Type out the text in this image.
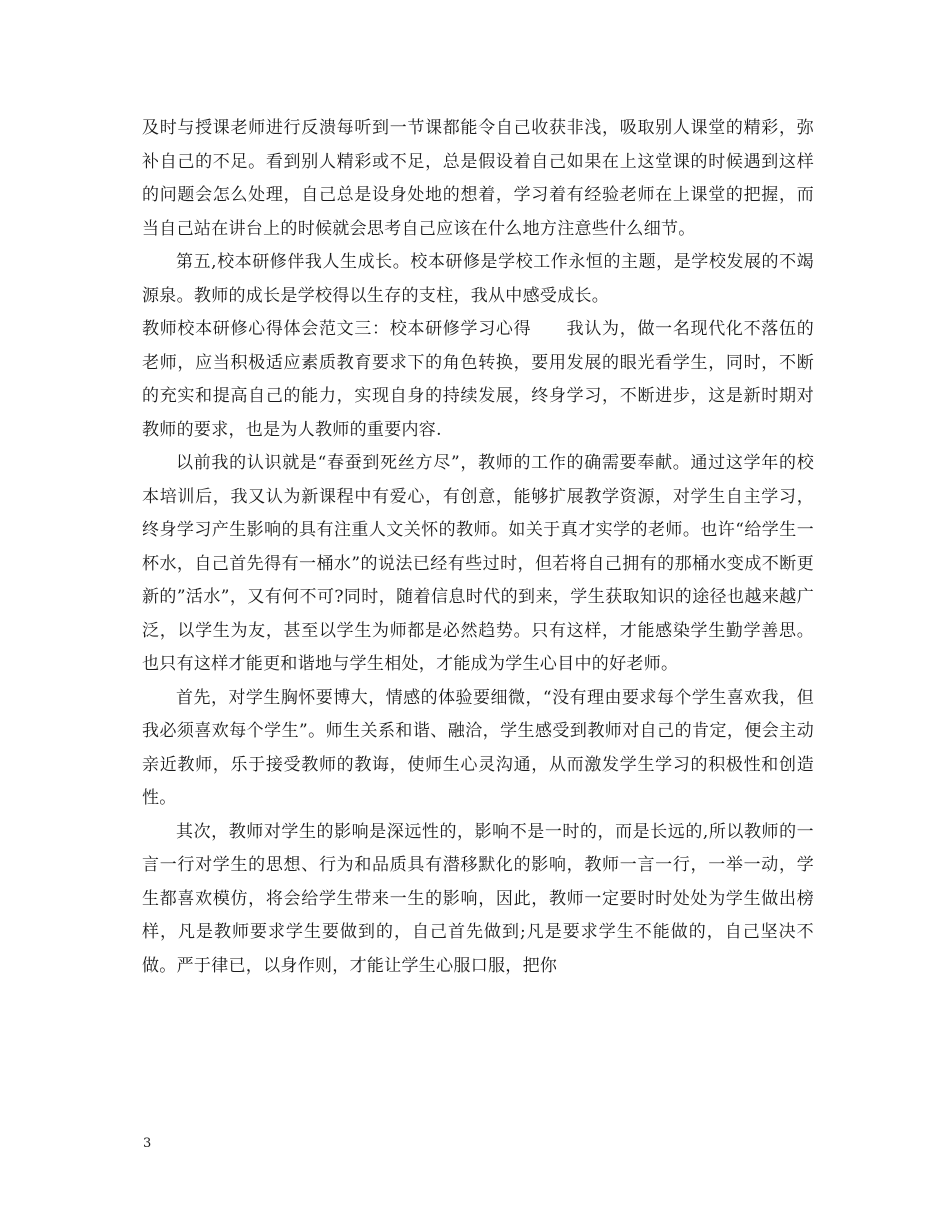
及时与授课老师进行反溃每听到一节课都能令自己收获非浅，吸取别人课堂的精彩，弥补自己的不足。看到别人精彩或不足，总是假设着自己如果在上这堂课的时候遇到这样的问题会怎么处理，自己总是设身处地的想着，学习着有经验老师在上课堂的把握，而当自己站在讲台上的时候就会思考自己应该在什么地方注意些什么细节。

第五,校本研修伴我人生成长。校本研修是学校工作永恒的主题，是学校发展的不竭源泉。教师的成长是学校得以生存的支柱，我从中感受成长。

教师校本研修心得体会范文三：校本研修学习心得　　我认为，做一名现代化不落伍的老师，应当积极适应素质教育要求下的角色转换，要用发展的眼光看学生，同时，不断的充实和提高自己的能力，实现自身的持续发展，终身学习，不断进步，这是新时期对教师的要求，也是为人教师的重要内容.

以前我的认识就是“春蚕到死丝方尽”，教师的工作的确需要奉献。通过这学年的校本培训后，我又认为新课程中有爱心，有创意，能够扩展教学资源，对学生自主学习，终身学习产生影响的具有注重人文关怀的教师。如关于真才实学的老师。也许“给学生一杯水，自己首先得有一桶水”的说法已经有些过时，但若将自己拥有的那桶水变成不断更新的”活水”，又有何不可?同时，随着信息时代的到来，学生获取知识的途径也越来越广泛，以学生为友，甚至以学生为师都是必然趋势。只有这样，才能感染学生勤学善思。也只有这样才能更和谐地与学生相处，才能成为学生心目中的好老师。

首先，对学生胸怀要博大，情感的体验要细微，“没有理由要求每个学生喜欢我，但我必须喜欢每个学生”。师生关系和谐、融洽，学生感受到教师对自己的肯定，便会主动亲近教师，乐于接受教师的教诲，使师生心灵沟通，从而激发学生学习的积极性和创造性。

其次，教师对学生的影响是深远性的，影响不是一时的，而是长远的,所以教师的一言一行对学生的思想、行为和品质具有潜移默化的影响，教师一言一行，一举一动，学生都喜欢模仿，将会给学生带来一生的影响，因此，教师一定要时时处处为学生做出榜样，凡是教师要求学生要做到的，自己首先做到;凡是要求学生不能做的，自己坚决不做。严于律已，以身作则，才能让学生心服口服，把你

3
